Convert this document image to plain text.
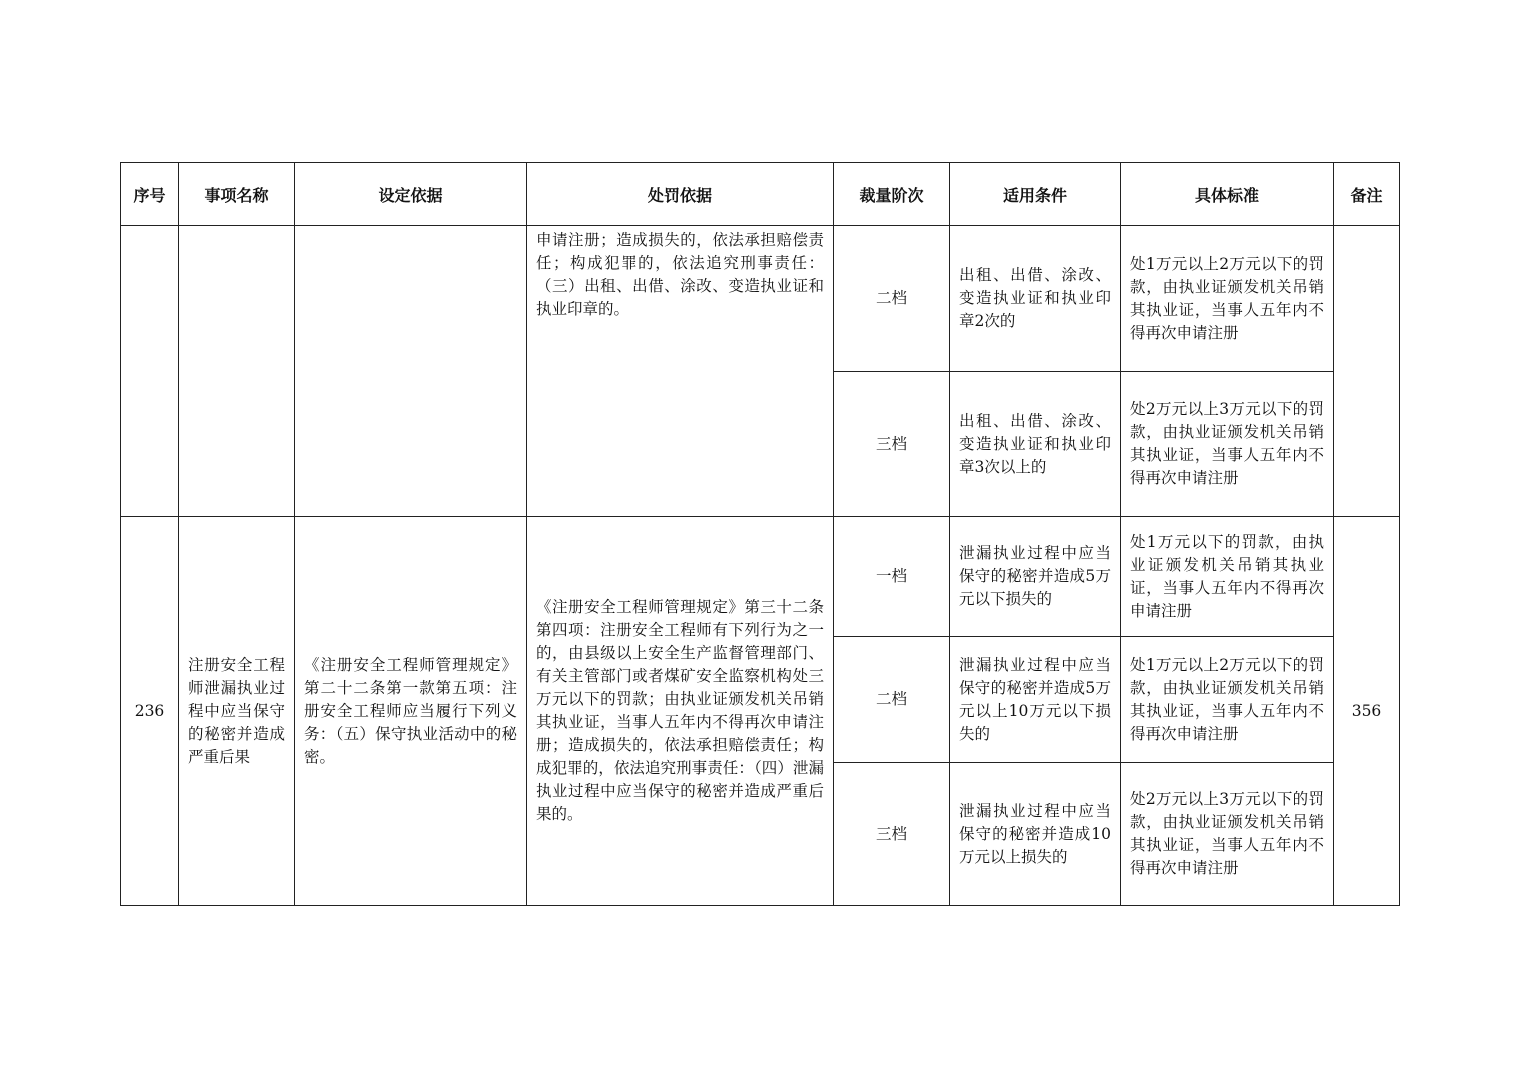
序号	事项名称	设定依据	处罚依据	裁量阶次	适用条件	具体标准	备注
			申请注册；造成损失的，依法承担赔偿责任；构成犯罪的，依法追究刑事责任：（三）出租、出借、涂改、变造执业证和执业印章的。	二档	出租、出借、涂改、变造执业证和执业印章2次的	处1万元以上2万元以下的罚款，由执业证颁发机关吊销其执业证，当事人五年内不得再次申请注册	
				三档	出租、出借、涂改、变造执业证和执业印章3次以上的	处2万元以上3万元以下的罚款，由执业证颁发机关吊销其执业证，当事人五年内不得再次申请注册	
236	注册安全工程师泄漏执业过程中应当保守的秘密并造成严重后果	《注册安全工程师管理规定》第二十二条第一款第五项：注册安全工程师应当履行下列义务：（五）保守执业活动中的秘密。	《注册安全工程师管理规定》第三十二条第四项：注册安全工程师有下列行为之一的，由县级以上安全生产监督管理部门、有关主管部门或者煤矿安全监察机构处三万元以下的罚款；由执业证颁发机关吊销其执业证，当事人五年内不得再次申请注册；造成损失的，依法承担赔偿责任；构成犯罪的，依法追究刑事责任：（四）泄漏执业过程中应当保守的秘密并造成严重后果的。	一档	泄漏执业过程中应当保守的秘密并造成5万元以下损失的	处1万元以下的罚款，由执业证颁发机关吊销其执业证，当事人五年内不得再次申请注册	356
				二档	泄漏执业过程中应当保守的秘密并造成5万元以上10万元以下损失的	处1万元以上2万元以下的罚款，由执业证颁发机关吊销其执业证，当事人五年内不得再次申请注册	
				三档	泄漏执业过程中应当保守的秘密并造成10万元以上损失的	处2万元以上3万元以下的罚款，由执业证颁发机关吊销其执业证，当事人五年内不得再次申请注册	
